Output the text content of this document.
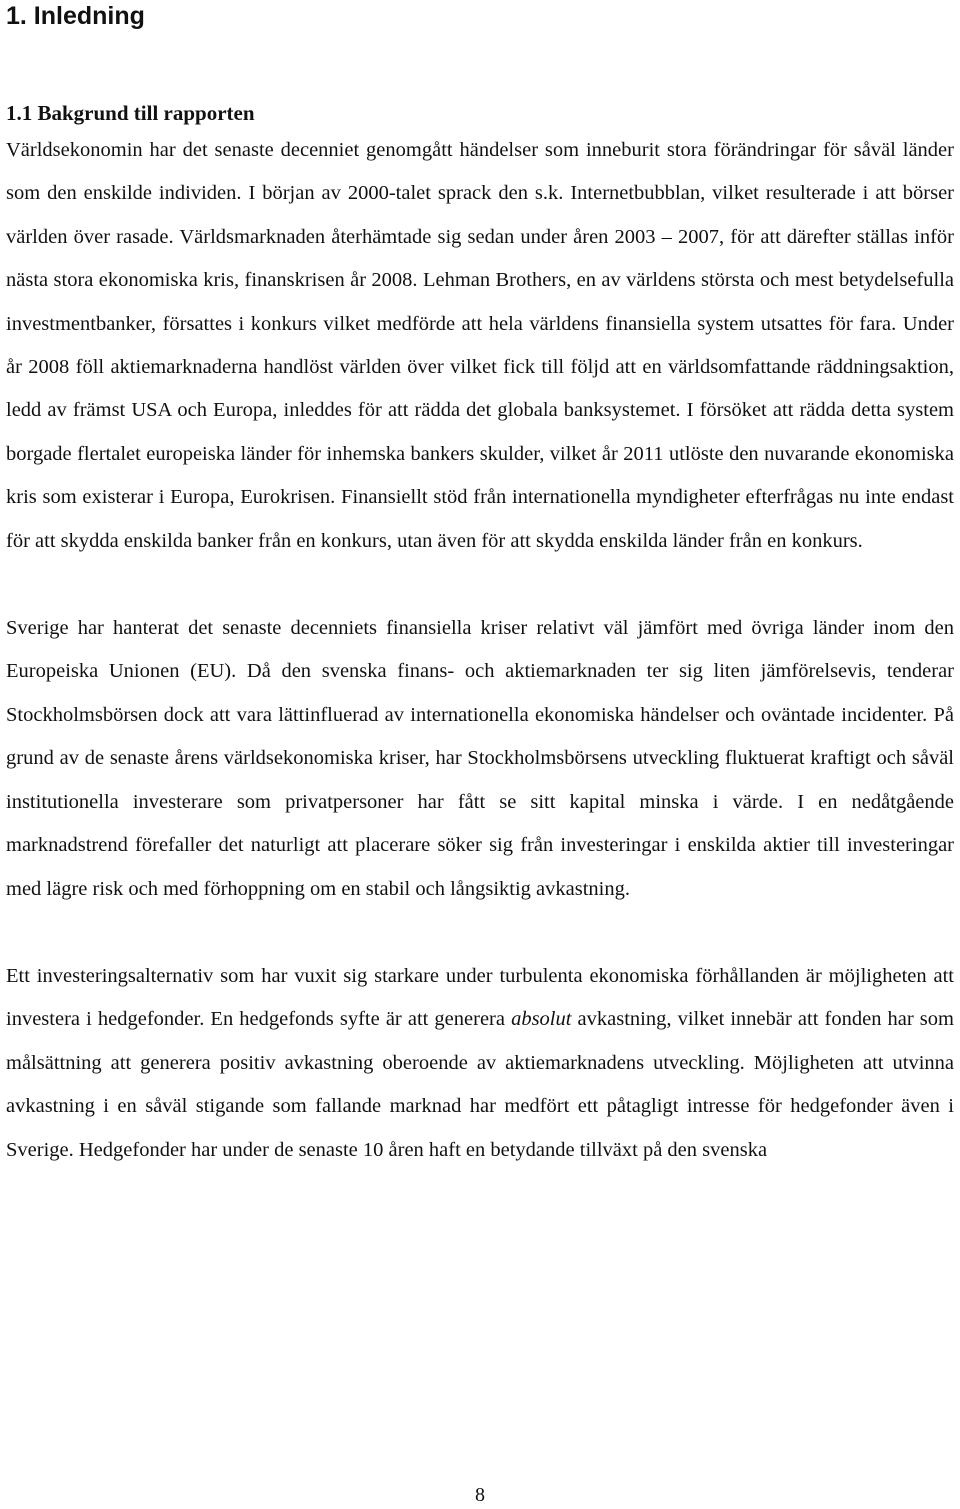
1. Inledning
1.1 Bakgrund till rapporten

Världsekonomin har det senaste decenniet genomgått händelser som inneburit stora förändringar för såväl länder som den enskilde individen. I början av 2000-talet sprack den s.k. Internetbubblan, vilket resulterade i att börser världen över rasade. Världsmarknaden återhämtade sig sedan under åren 2003 – 2007, för att därefter ställas inför nästa stora ekonomiska kris, finanskrisen år 2008. Lehman Brothers, en av världens största och mest betydelsefulla investmentbanker, försattes i konkurs vilket medförde att hela världens finansiella system utsattes för fara. Under år 2008 föll aktiemarknaderna handlöst världen över vilket fick till följd att en världsomfattande räddningsaktion, ledd av främst USA och Europa, inleddes för att rädda det globala banksystemet. I försöket att rädda detta system borgade flertalet europeiska länder för inhemska bankers skulder, vilket år 2011 utlöste den nuvarande ekonomiska kris som existerar i Europa, Eurokrisen. Finansiellt stöd från internationella myndigheter efterfrågas nu inte endast för att skydda enskilda banker från en konkurs, utan även för att skydda enskilda länder från en konkurs.

Sverige har hanterat det senaste decenniets finansiella kriser relativt väl jämfört med övriga länder inom den Europeiska Unionen (EU). Då den svenska finans- och aktiemarknaden ter sig liten jämförelsevis, tenderar Stockholmsbörsen dock att vara lättinfluerad av internationella ekonomiska händelser och oväntade incidenter. På grund av de senaste årens världsekonomiska kriser, har Stockholmsbörsens utveckling fluktuerat kraftigt och såväl institutionella investerare som privatpersoner har fått se sitt kapital minska i värde. I en nedåtgående marknadstrend förefaller det naturligt att placerare söker sig från investeringar i enskilda aktier till investeringar med lägre risk och med förhoppning om en stabil och långsiktig avkastning.

Ett investeringsalternativ som har vuxit sig starkare under turbulenta ekonomiska förhållanden är möjligheten att investera i hedgefonder. En hedgefonds syfte är att generera absolut avkastning, vilket innebär att fonden har som målsättning att generera positiv avkastning oberoende av aktiemarknadens utveckling. Möjligheten att utvinna avkastning i en såväl stigande som fallande marknad har medfört ett påtagligt intresse för hedgefonder även i Sverige. Hedgefonder har under de senaste 10 åren haft en betydande tillväxt på den svenska

8
